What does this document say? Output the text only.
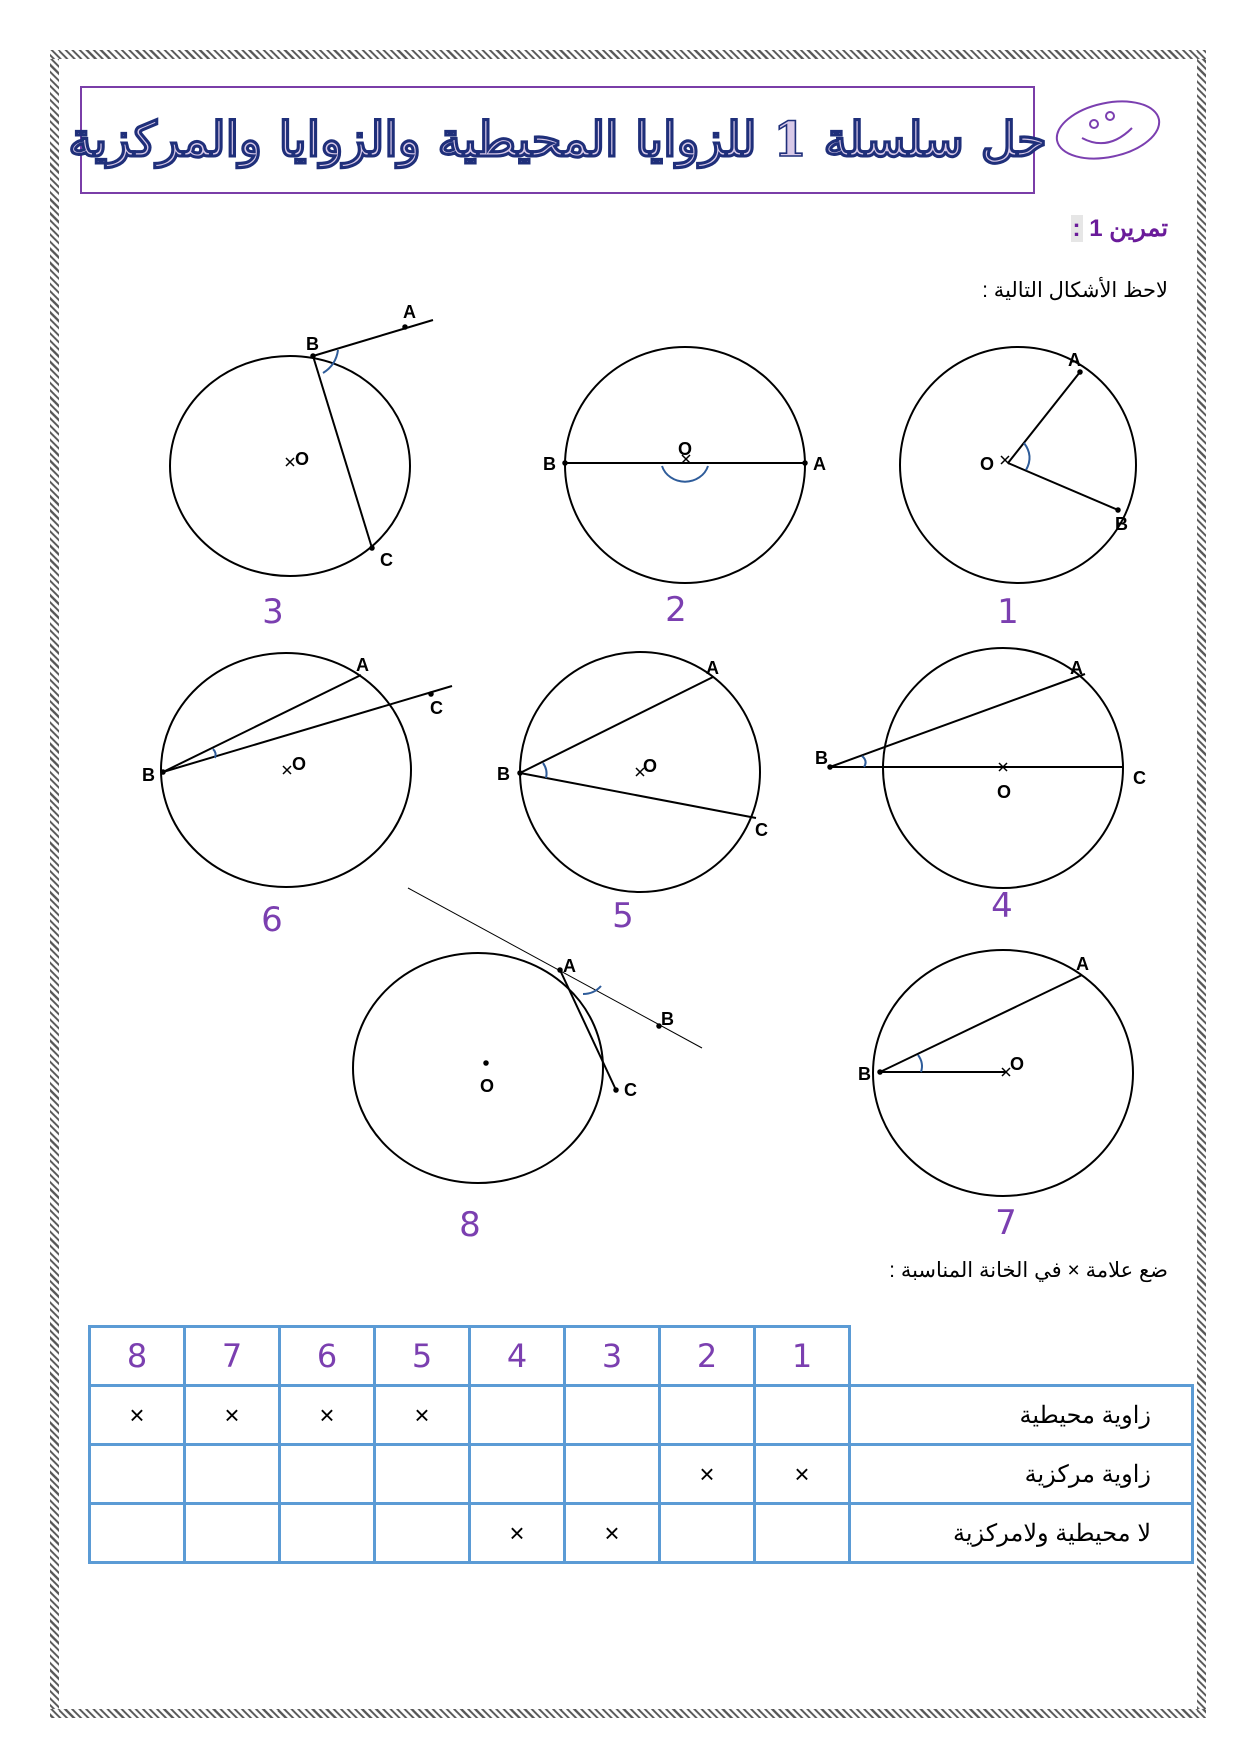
حل سلسلة 1 للزوايا المحيطية والزوايا والمركزية
تمرين 1 :
لاحظ الأشكال التالية :
A
B
O
C
O
B	A
A
O
B
A
B
O
C
A
B	O
C
A
B
O
C
A
B	O
A
B
O	C
1
2
3
4
5
6
7
8
ضع علامة × في الخانة المناسبة :
8	7	6	5	4	3	2	1	
×	×	×	×					زاوية محيطية
						×	×	زاوية مركزية
				×	×			لا محيطية ولامركزية
